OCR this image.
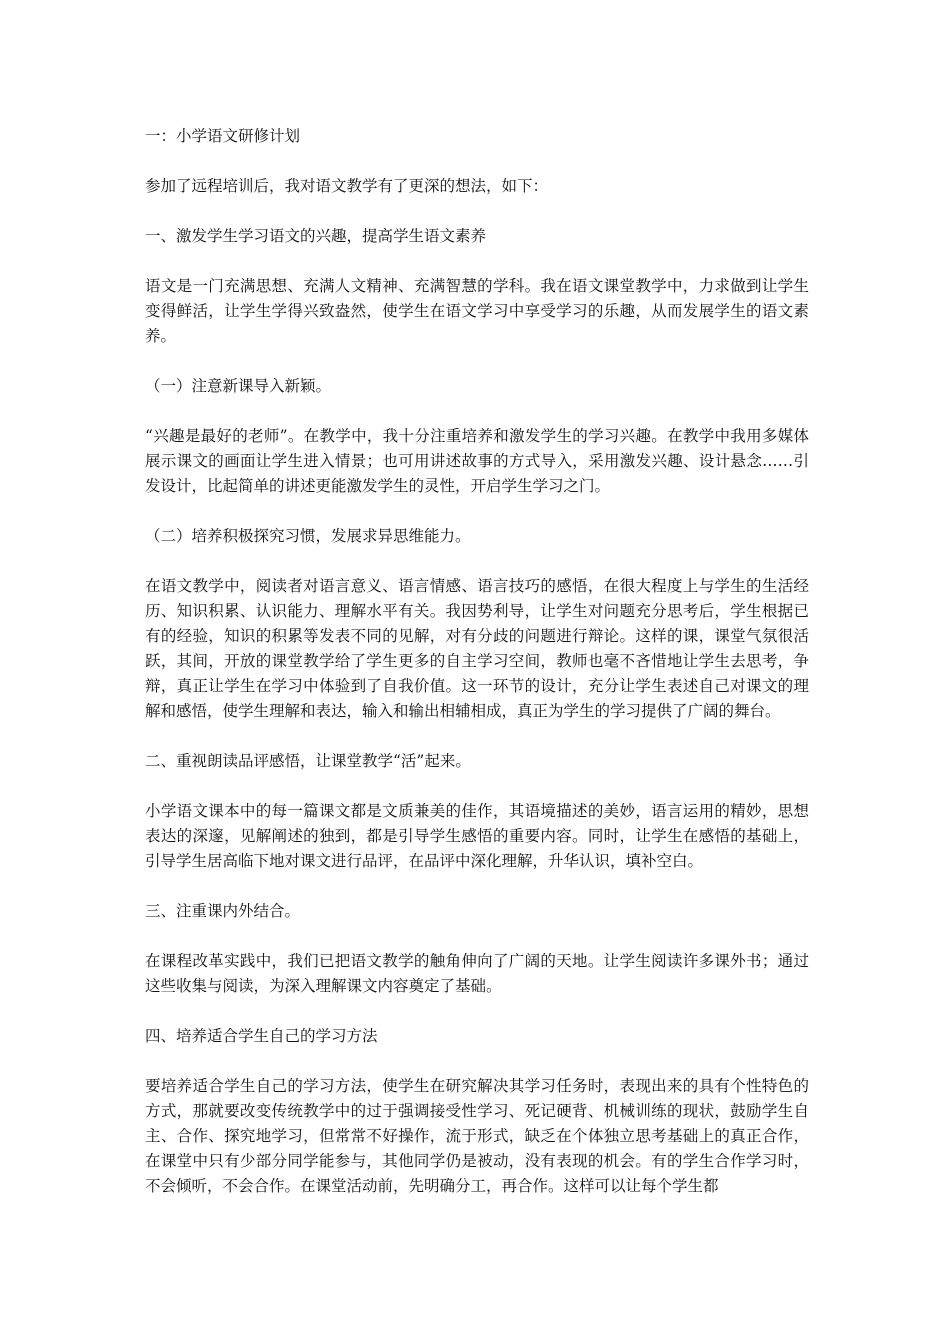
一：小学语文研修计划

参加了远程培训后，我对语文教学有了更深的想法，如下：

一、激发学生学习语文的兴趣，提高学生语文素养

语文是一门充满思想、充满人文精神、充满智慧的学科。我在语文课堂教学中，力求做到让学生变得鲜活，让学生学得兴致盎然，使学生在语文学习中享受学习的乐趣，从而发展学生的语文素养。

（一）注意新课导入新颖。

“兴趣是最好的老师”。在教学中，我十分注重培养和激发学生的学习兴趣。在教学中我用多媒体展示课文的画面让学生进入情景；也可用讲述故事的方式导入，采用激发兴趣、设计悬念……引发设计，比起简单的讲述更能激发学生的灵性，开启学生学习之门。

（二）培养积极探究习惯，发展求异思维能力。

在语文教学中，阅读者对语言意义、语言情感、语言技巧的感悟，在很大程度上与学生的生活经历、知识积累、认识能力、理解水平有关。我因势利导，让学生对问题充分思考后，学生根据已有的经验，知识的积累等发表不同的见解，对有分歧的问题进行辩论。这样的课，课堂气氛很活跃，其间，开放的课堂教学给了学生更多的自主学习空间，教师也毫不吝惜地让学生去思考，争辩，真正让学生在学习中体验到了自我价值。这一环节的设计，充分让学生表述自己对课文的理解和感悟，使学生理解和表达，输入和输出相辅相成，真正为学生的学习提供了广阔的舞台。

二、重视朗读品评感悟，让课堂教学“活”起来。

小学语文课本中的每一篇课文都是文质兼美的佳作，其语境描述的美妙，语言运用的精妙，思想表达的深邃，见解阐述的独到，都是引导学生感悟的重要内容。同时，让学生在感悟的基础上，引导学生居高临下地对课文进行品评，在品评中深化理解，升华认识，填补空白。

三、注重课内外结合。

在课程改革实践中，我们已把语文教学的触角伸向了广阔的天地。让学生阅读许多课外书；通过这些收集与阅读，为深入理解课文内容奠定了基础。

四、培养适合学生自己的学习方法

要培养适合学生自己的学习方法，使学生在研究解决其学习任务时，表现出来的具有个性特色的方式，那就要改变传统教学中的过于强调接受性学习、死记硬背、机械训练的现状，鼓励学生自主、合作、探究地学习，但常常不好操作，流于形式，缺乏在个体独立思考基础上的真正合作，在课堂中只有少部分同学能参与，其他同学仍是被动，没有表现的机会。有的学生合作学习时，不会倾听，不会合作。在课堂活动前，先明确分工，再合作。这样可以让每个学生都
